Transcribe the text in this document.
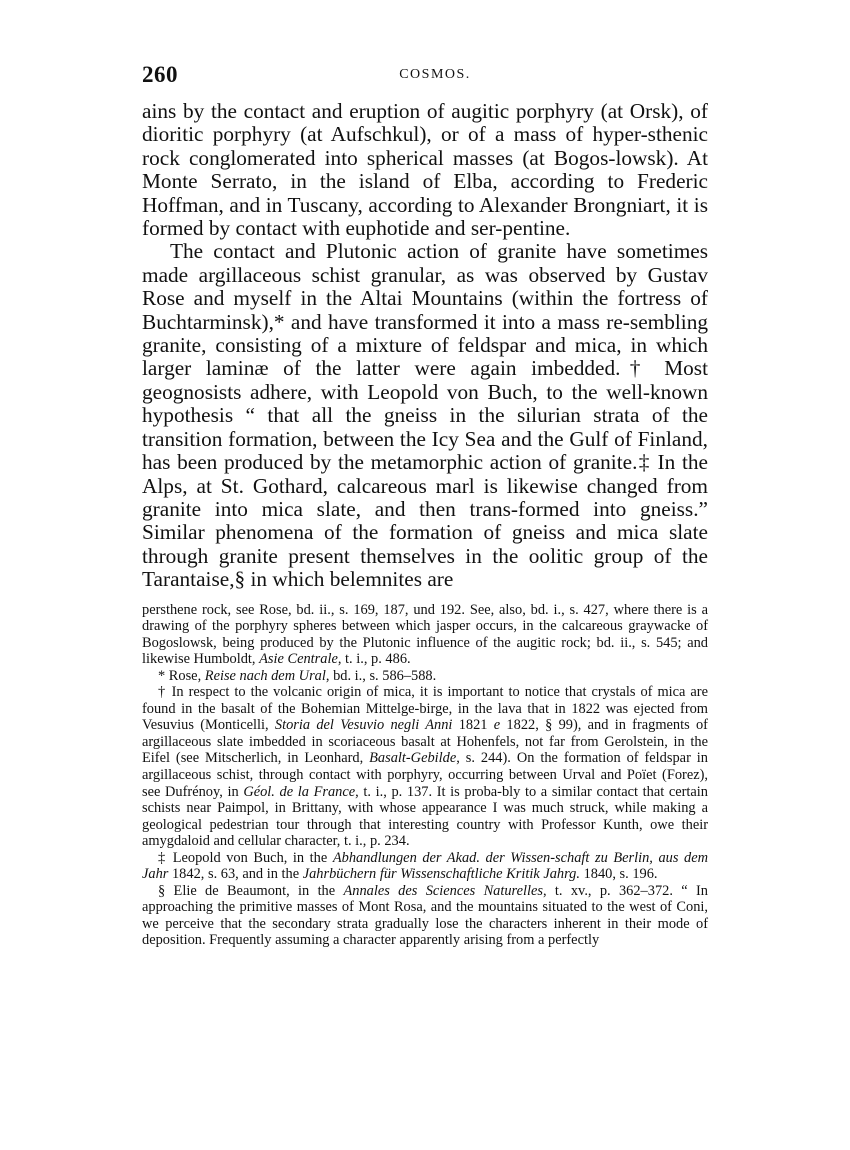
260	COSMOS.

ains by the contact and eruption of augitic porphyry (at Orsk), of dioritic porphyry (at Aufschkul), or of a mass of hyper-sthenic rock conglomerated into spherical masses (at Bogos-lowsk). At Monte Serrato, in the island of Elba, according to Frederic Hoffman, and in Tuscany, according to Alexander Brongniart, it is formed by contact with euphotide and ser-pentine.

The contact and Plutonic action of granite have sometimes made argillaceous schist granular, as was observed by Gustav Rose and myself in the Altai Mountains (within the fortress of Buchtarminsk),* and have transformed it into a mass re-sembling granite, consisting of a mixture of feldspar and mica, in which larger laminæ of the latter were again imbedded.† Most geognosists adhere, with Leopold von Buch, to the well-known hypothesis “ that all the gneiss in the silurian strata of the transition formation, between the Icy Sea and the Gulf of Finland, has been produced by the metamorphic action of granite.‡ In the Alps, at St. Gothard, calcareous marl is likewise changed from granite into mica slate, and then trans-formed into gneiss.” Similar phenomena of the formation of gneiss and mica slate through granite present themselves in the oolitic group of the Tarantaise,§ in which belemnites are

persthene rock, see Rose, bd. ii., s. 169, 187, und 192. See, also, bd. i., s. 427, where there is a drawing of the porphyry spheres between which jasper occurs, in the calcareous graywacke of Bogoslowsk, being produced by the Plutonic influence of the augitic rock; bd. ii., s. 545; and likewise Humboldt, Asie Centrale, t. i., p. 486.

* Rose, Reise nach dem Ural, bd. i., s. 586–588.

† In respect to the volcanic origin of mica, it is important to notice that crystals of mica are found in the basalt of the Bohemian Mittelge-birge, in the lava that in 1822 was ejected from Vesuvius (Monticelli, Storia del Vesuvio negli Anni 1821 e 1822, § 99), and in fragments of argillaceous slate imbedded in scoriaceous basalt at Hohenfels, not far from Gerolstein, in the Eifel (see Mitscherlich, in Leonhard, Basalt-Gebilde, s. 244). On the formation of feldspar in argillaceous schist, through contact with porphyry, occurring between Urval and Poïet (Forez), see Dufrénoy, in Géol. de la France, t. i., p. 137. It is proba-bly to a similar contact that certain schists near Paimpol, in Brittany, with whose appearance I was much struck, while making a geological pedestrian tour through that interesting country with Professor Kunth, owe their amygdaloid and cellular character, t. i., p. 234.

‡ Leopold von Buch, in the Abhandlungen der Akad. der Wissen-schaft zu Berlin, aus dem Jahr 1842, s. 63, and in the Jahrbüchern für Wissenschaftliche Kritik Jahrg. 1840, s. 196.

§ Elie de Beaumont, in the Annales des Sciences Naturelles, t. xv., p. 362–372. “ In approaching the primitive masses of Mont Rosa, and the mountains situated to the west of Coni, we perceive that the secondary strata gradually lose the characters inherent in their mode of deposition. Frequently assuming a character apparently arising from a perfectly
